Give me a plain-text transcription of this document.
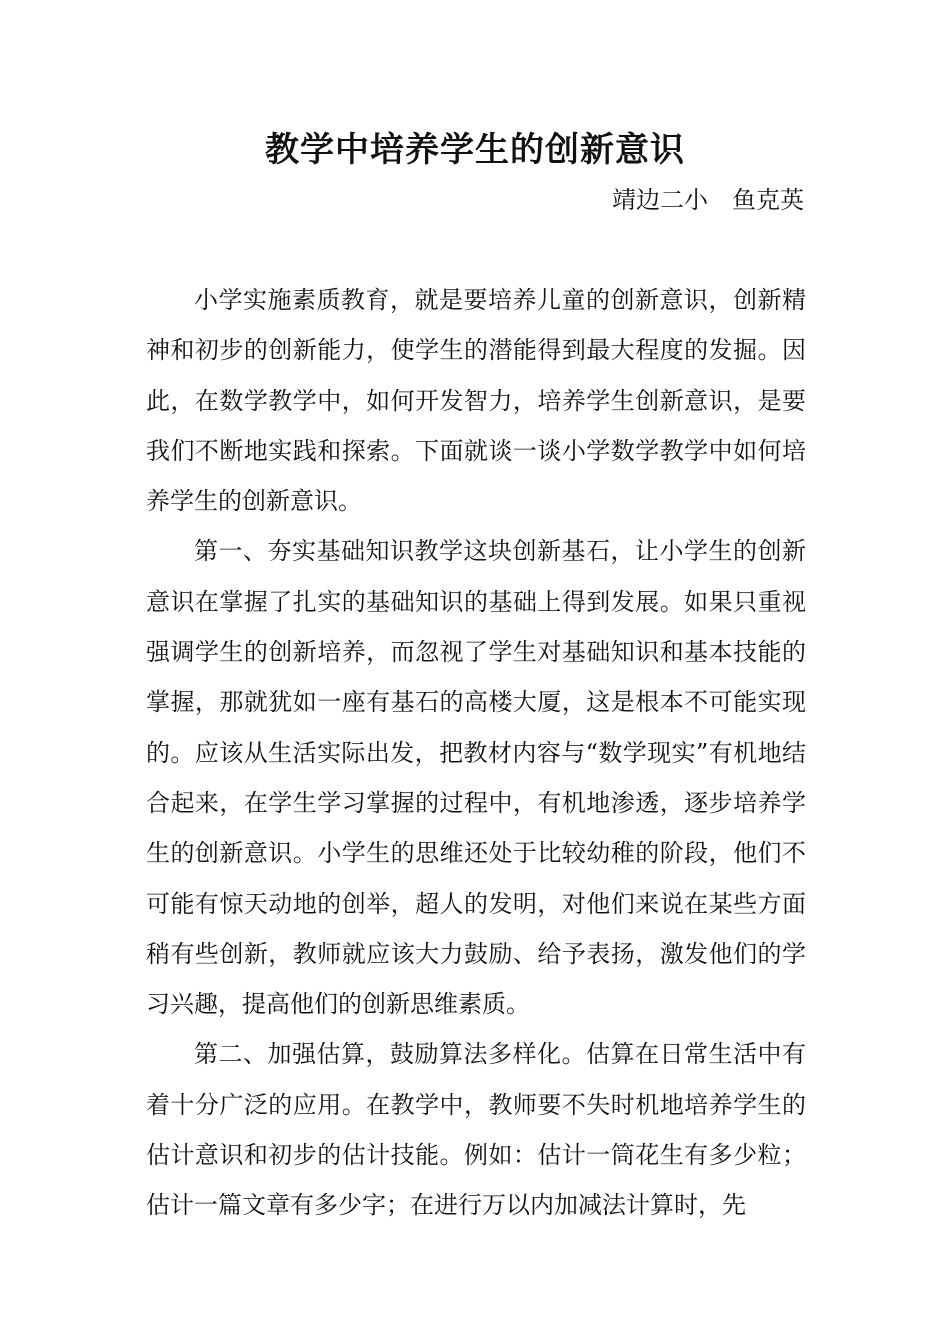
教学中培养学生的创新意识
靖边二小　鱼克英

小学实施素质教育，就是要培养儿童的创新意识，创新精神和初步的创新能力，使学生的潜能得到最大程度的发掘。因此，在数学教学中，如何开发智力，培养学生创新意识，是要我们不断地实践和探索。下面就谈一谈小学数学教学中如何培养学生的创新意识。

第一、夯实基础知识教学这块创新基石，让小学生的创新意识在掌握了扎实的基础知识的基础上得到发展。如果只重视强调学生的创新培养，而忽视了学生对基础知识和基本技能的掌握，那就犹如一座有基石的高楼大厦，这是根本不可能实现的。应该从生活实际出发，把教材内容与“数学现实”有机地结合起来，在学生学习掌握的过程中，有机地渗透，逐步培养学生的创新意识。小学生的思维还处于比较幼稚的阶段，他们不可能有惊天动地的创举，超人的发明，对他们来说在某些方面稍有些创新，教师就应该大力鼓励、给予表扬，激发他们的学习兴趣，提高他们的创新思维素质。

第二、加强估算，鼓励算法多样化。估算在日常生活中有着十分广泛的应用。在教学中，教师要不失时机地培养学生的估计意识和初步的估计技能。例如：估计一筒花生有多少粒；估计一篇文章有多少字；在进行万以内加减法计算时，先
